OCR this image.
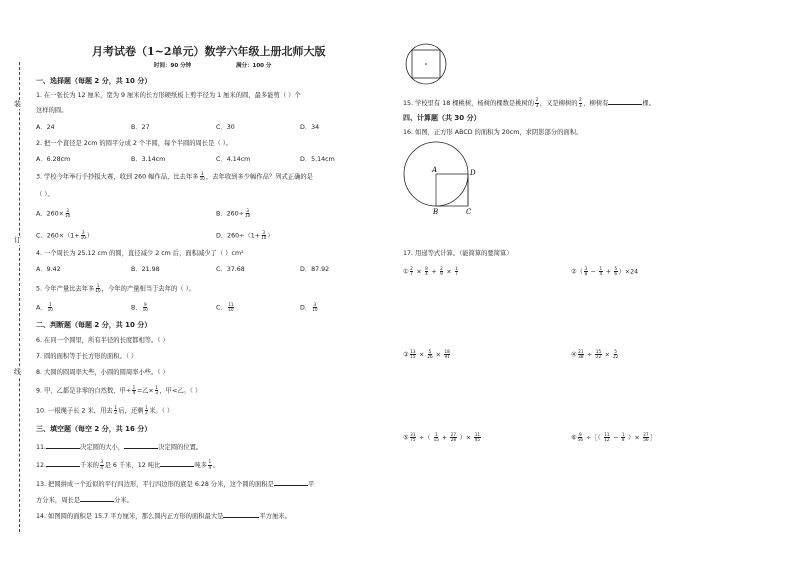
装
订
线
月考试卷（1~2单元）数学六年级上册北师大版
时间：90 分钟	满分：100 分
一、选择题（每题 2 分，共 10 分）
1. 在一张长为 12 厘米，宽为 9 厘米的长方形硬纸板上剪半径为 1 厘米的圆，最多能剪（ ）个
这样的圆。
A．24	B．27	C．30	D．34
2. 把一个直径是 2cm 的圆平分成 2 个半圆，每个半圆的周长是（ ）。
A．6.28cm	B．3.14cm	C．4.14cm	D．5.14cm
3. 学校今年举行手抄报大赛，收到 260 幅作品，比去年多 $\frac{3}{10}$ ，去年收到多少幅作品？列式正确的是
（ ）。
A．$260\times \frac{3}{10}$	B．$260\div \frac{3}{10}$
C．$260\times(1+ \frac{3}{10}$ ）	D．$260\div(1+ \frac{3}{10}$ ）
4. 一个周长为 25.12 cm 的圆，直径减少 2 cm 后，面积减少了（ ）cm²
A．9.42	B．21.98	C．37.68	D．87.92
5. 今年产量比去年多 $\frac{1}{10}$ ，今年的产量相当于去年的（ ）。
A． $\frac{1}{10}$	B． $\frac{9}{10}$	C． $\frac{11}{10}$	D． $\frac{3}{10}$
二、判断题（每题 2 分，共 10 分）
6. 在同一个圆里，所有半径的长度都相等。（ ）
7. 圆的面积等于长方形的面积。（ ）
8. 大圆的圆周率大些，小圆的圆周率小些。（ ）
9. 甲、乙都是非零的自然数，甲÷ $\frac{1}{4}$ =乙× $\frac{1}{3}$ ，甲<乙。（ ）
10. 一根绳子长 2 米，用去 $\frac{1}{2}$ 后，还剩 $\frac{1}{2}$ 米。（ ）
三、填空题（每空 2 分，共 16 分）
11.	决定圆的大小，	决定圆的位置。
12.	千米的 $\frac{3}{4}$ 是 6 千米，12 吨比	吨多 $\frac{1}{4}$ 。
13. 把圆拼成一个近似的平行四边形，平行四边形的底是 6.28 分米，这个圆的面积是	平
方分米，周长是	分米。
14. 如图圆的面积是 15.7 平方厘米，那么圆内正方形的面积最大是	平方厘米。
15. 学校里有 18 棵桃树，杨树的棵数是桃树的 $\frac{2}{3}$ ，又是柳树的 $\frac{2}{3}$ ，柳树有	棵。
四、计算题（共 30 分）
16. 如图，正方形 ABCD 的面积为 20cm，求阴影部分的面积。
A	D
B	C
17. 用递等式计算。（能简算的要简算）
① $\frac{2}{7} \times \frac{9}{4} + \frac{2}{9} \times \frac{1}{7}$	②（ $\frac{3}{8} - \frac{1}{4} + \frac{5}{6} )\times 24$
③ $\frac{13}{15} \times \frac{5}{26} \times \frac{18}{91}$	④ $\frac{21}{38} \div \frac{15}{22} \times \frac{5}{22}$
⑤ $\frac{31}{75}$ ÷（ $\frac{1}{15} + \frac{27}{28}$ ）× $\frac{11}{45}$	⑥ $\frac{9}{56}$ ÷［（ $\frac{11}{12} - \frac{1}{8}$ ）× $\frac{27}{56}$ ］
